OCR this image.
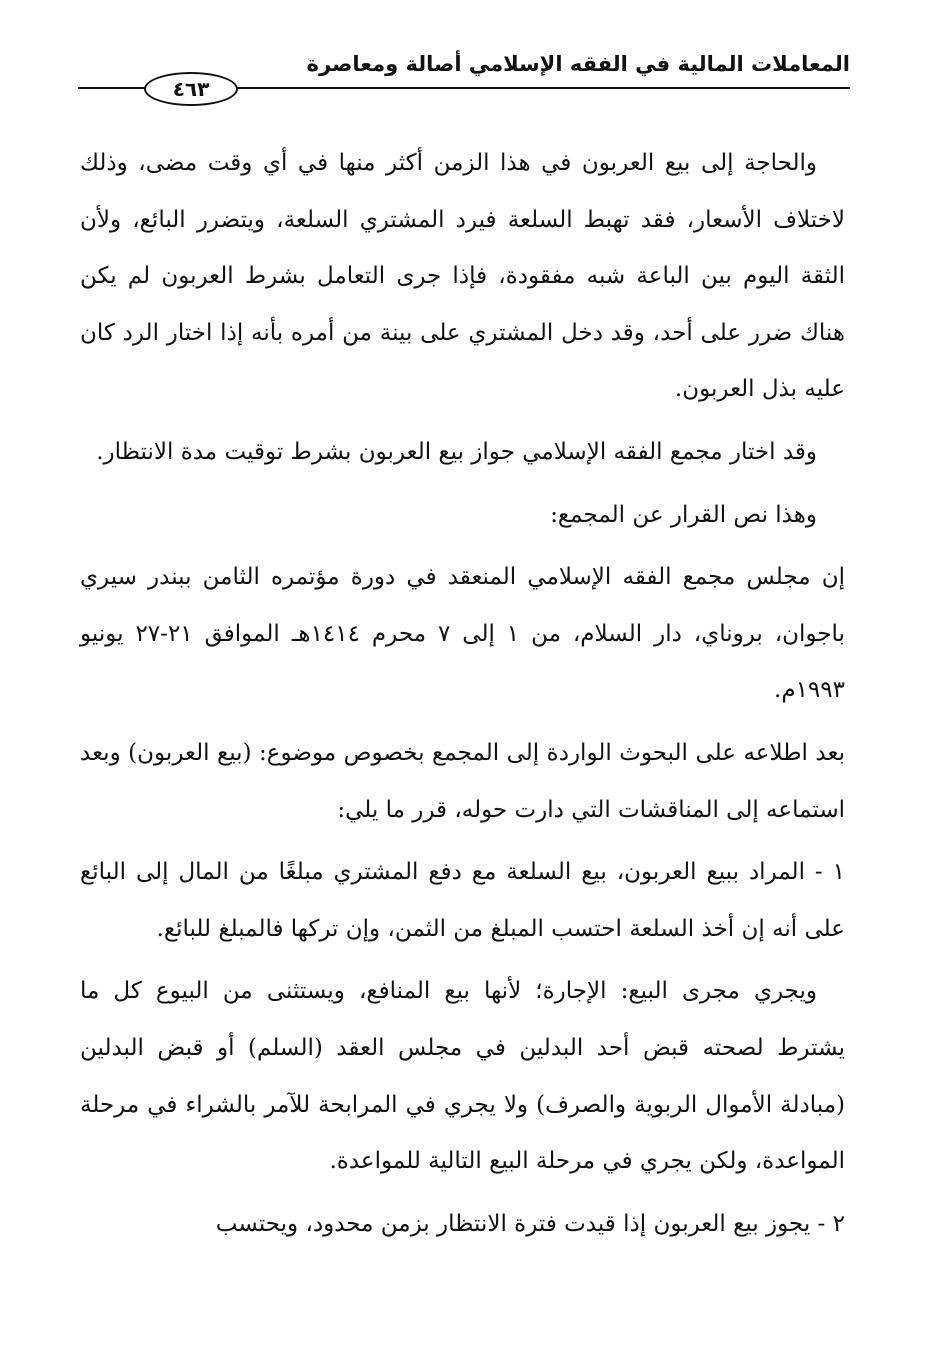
المعاملات المالية في الفقه الإسلامي أصالة ومعاصرة
٤٦٣

والحاجة إلى بيع العربون في هذا الزمن أكثر منها في أي وقت مضى، وذلك لاختلاف الأسعار، فقد تهبط السلعة فيرد المشتري السلعة، ويتضرر البائع، ولأن الثقة اليوم بين الباعة شبه مفقودة، فإذا جرى التعامل بشرط العربون لم يكن هناك ضرر على أحد، وقد دخل المشتري على بينة من أمره بأنه إذا اختار الرد كان عليه بذل العربون.

وقد اختار مجمع الفقه الإسلامي جواز بيع العربون بشرط توقيت مدة الانتظار.

وهذا نص القرار عن المجمع:

إن مجلس مجمع الفقه الإسلامي المنعقد في دورة مؤتمره الثامن ببندر سيري باجوان، بروناي، دار السلام، من ١ إلى ٧ محرم ١٤١٤هـ الموافق ٢١-٢٧ يونيو ١٩٩٣م.

بعد اطلاعه على البحوث الواردة إلى المجمع بخصوص موضوع: (بيع العربون) وبعد استماعه إلى المناقشات التي دارت حوله، قرر ما يلي:

١ - المراد ببيع العربون، بيع السلعة مع دفع المشتري مبلغًا من المال إلى البائع على أنه إن أخذ السلعة احتسب المبلغ من الثمن، وإن تركها فالمبلغ للبائع.

ويجري مجرى البيع: الإجارة؛ لأنها بيع المنافع، ويستثنى من البيوع كل ما يشترط لصحته قبض أحد البدلين في مجلس العقد (السلم) أو قبض البدلين (مبادلة الأموال الربوية والصرف) ولا يجري في المرابحة للآمر بالشراء في مرحلة المواعدة، ولكن يجري في مرحلة البيع التالية للمواعدة.

٢ - يجوز بيع العربون إذا قيدت فترة الانتظار بزمن محدود، ويحتسب
